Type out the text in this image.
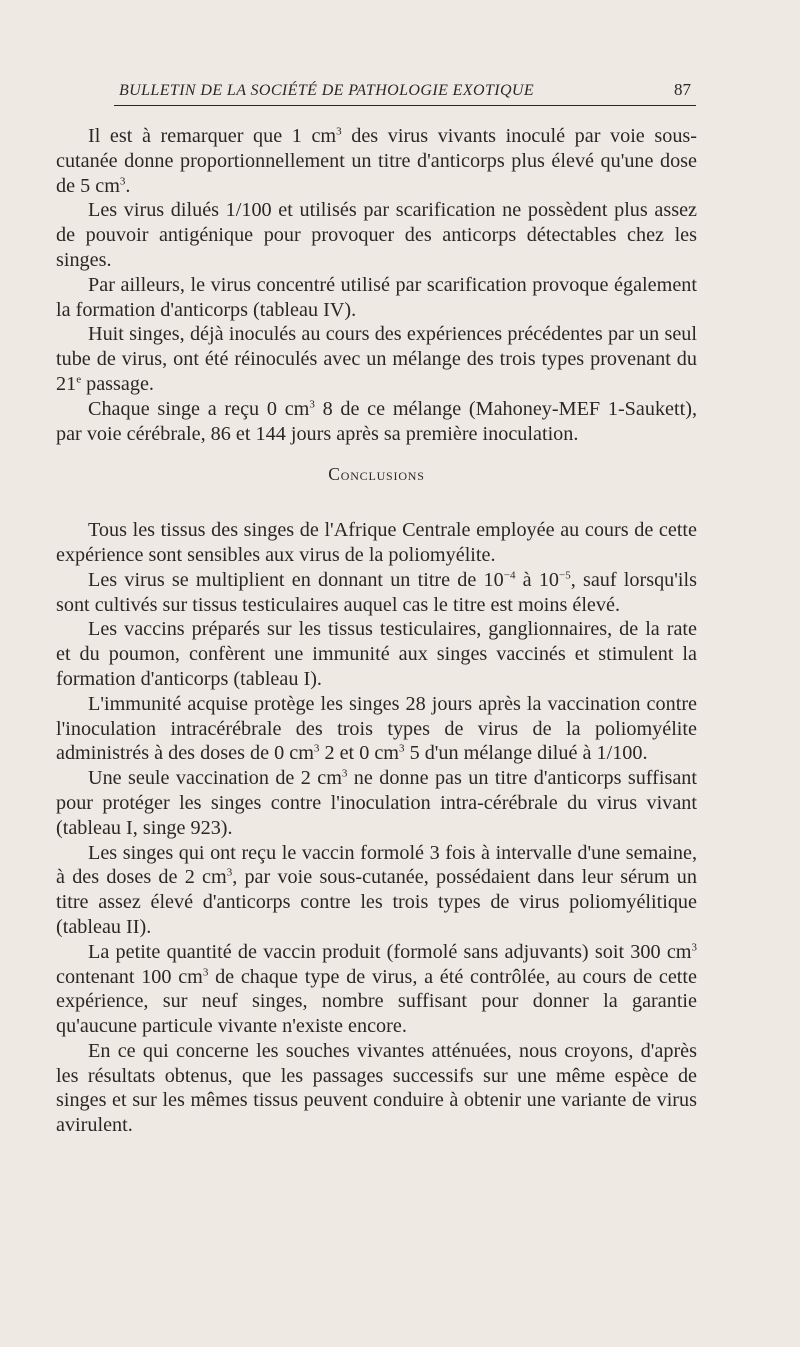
BULLETIN DE LA SOCIÉTÉ DE PATHOLOGIE EXOTIQUE	87

Il est à remarquer que 1 $cm^3$ des virus vivants inoculé par voie sous-cutanée donne proportionnellement un titre d'anticorps plus élevé qu'une dose de 5 $cm^3$.

Les virus dilués 1/100 et utilisés par scarification ne possèdent plus assez de pouvoir antigénique pour provoquer des anticorps détectables chez les singes.

Par ailleurs, le virus concentré utilisé par scarification provoque également la formation d'anticorps (tableau IV).

Huit singes, déjà inoculés au cours des expériences précédentes par un seul tube de virus, ont été réinoculés avec un mélange des trois types provenant du 21e passage.

Chaque singe a reçu 0 $cm^3$ 8 de ce mélange (Mahoney-MEF 1-Saukett), par voie cérébrale, 86 et 144 jours après sa première inoculation.

Conclusions

Tous les tissus des singes de l'Afrique Centrale employée au cours de cette expérience sont sensibles aux virus de la poliomyélite.

Les virus se multiplient en donnant un titre de $10^{-4}$ à $10^{-5}$, sauf lorsqu'ils sont cultivés sur tissus testiculaires auquel cas le titre est moins élevé.

Les vaccins préparés sur les tissus testiculaires, ganglionnaires, de la rate et du poumon, confèrent une immunité aux singes vaccinés et stimulent la formation d'anticorps (tableau I).

L'immunité acquise protège les singes 28 jours après la vaccination contre l'inoculation intracérébrale des trois types de virus de la poliomyélite administrés à des doses de 0 $cm^3$ 2 et 0 $cm^3$ 5 d'un mélange dilué à 1/100.

Une seule vaccination de 2 $cm^3$ ne donne pas un titre d'anticorps suffisant pour protéger les singes contre l'inoculation intra-cérébrale du virus vivant (tableau I, singe 923).

Les singes qui ont reçu le vaccin formolé 3 fois à intervalle d'une semaine, à des doses de 2 $cm^3$, par voie sous-cutanée, possédaient dans leur sérum un titre assez élevé d'anticorps contre les trois types de virus poliomyélitique (tableau II).

La petite quantité de vaccin produit (formolé sans adjuvants) soit 300 $cm^3$ contenant 100 $cm^3$ de chaque type de virus, a été contrôlée, au cours de cette expérience, sur neuf singes, nombre suffisant pour donner la garantie qu'aucune particule vivante n'existe encore.

En ce qui concerne les souches vivantes atténuées, nous croyons, d'après les résultats obtenus, que les passages successifs sur une même espèce de singes et sur les mêmes tissus peuvent conduire à obtenir une variante de virus avirulent.
